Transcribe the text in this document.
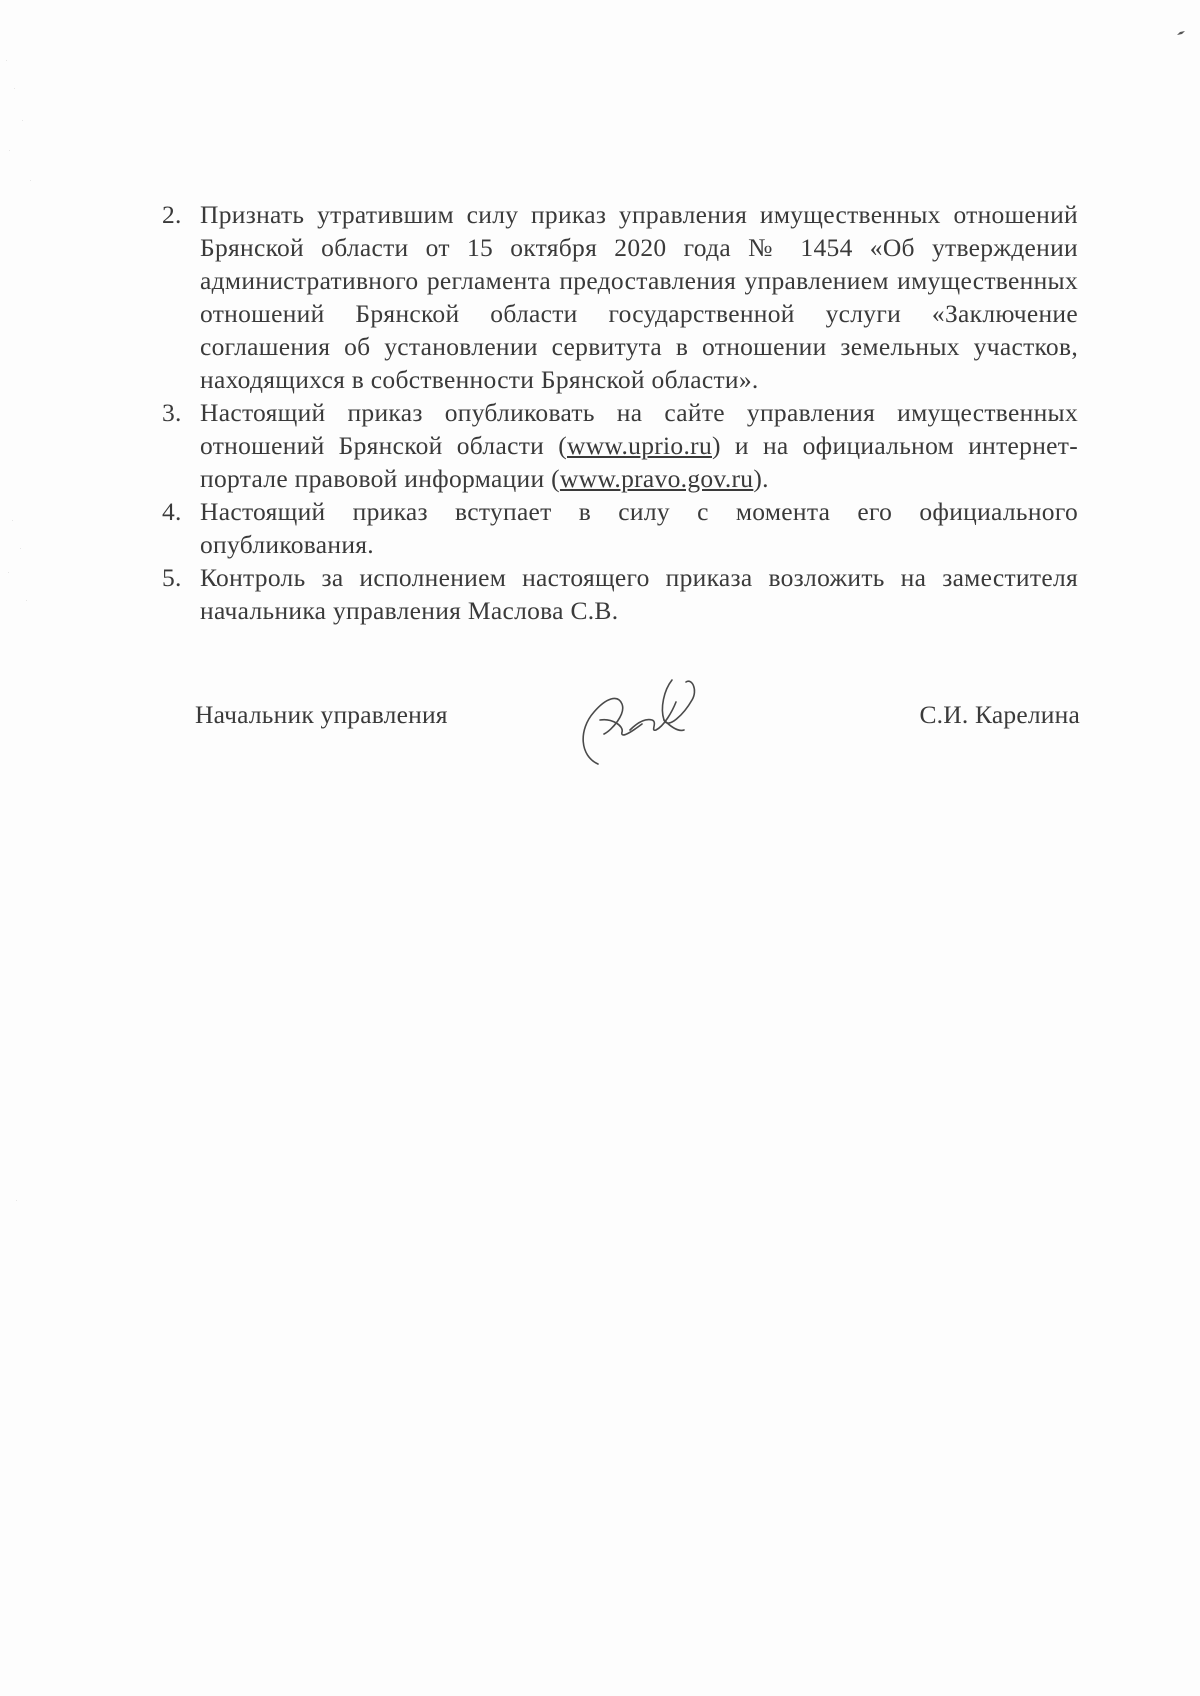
2. Признать утратившим силу приказ управления имущественных отношений Брянской области от 15 октября 2020 года № 1454 «Об утверждении административного регламента предоставления управлением имущественных отношений Брянской области государственной услуги «Заключение соглашения об установлении сервитута в отношении земельных участков, находящихся в собственности Брянской области».
3. Настоящий приказ опубликовать на сайте управления имущественных отношений Брянской области (www.uprio.ru) и на официальном интернет-портале правовой информации (www.pravo.gov.ru).
4. Настоящий приказ вступает в силу с момента его официального опубликования.
5. Контроль за исполнением настоящего приказа возложить на заместителя начальника управления Маслова С.В.
Начальник управления	С.И. Карелина
